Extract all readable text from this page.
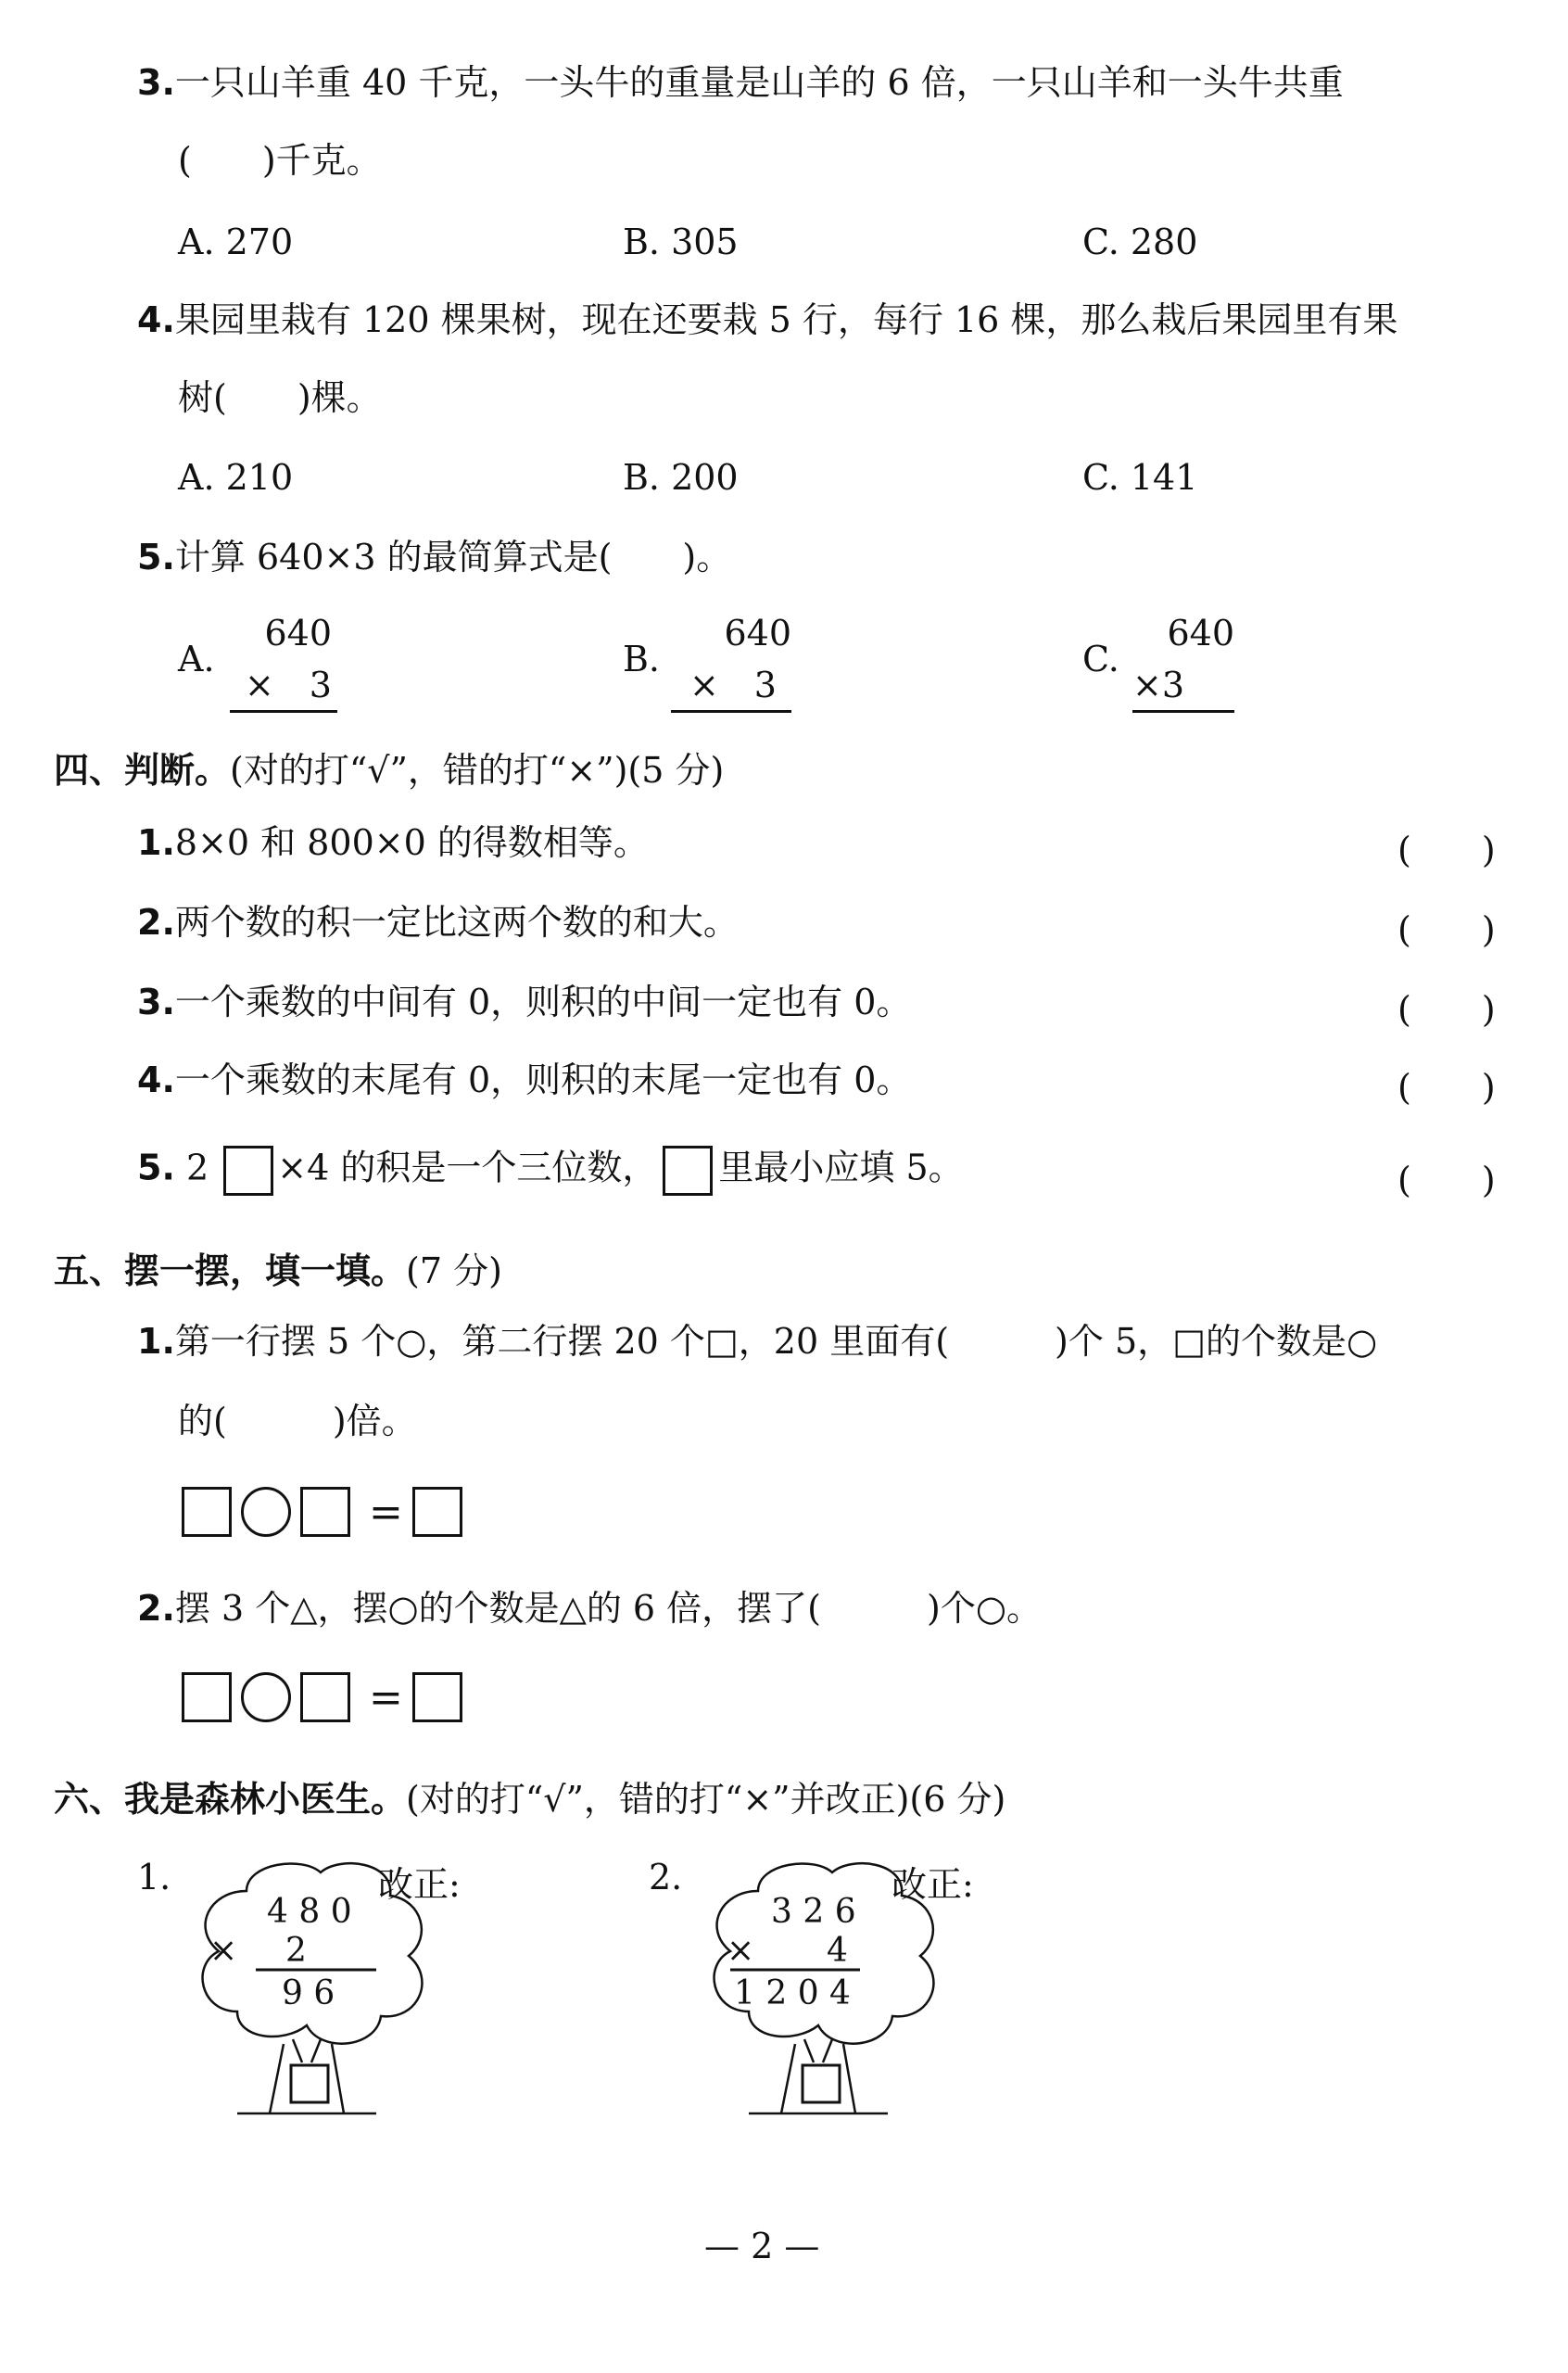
3.一只山羊重 40 千克，一头牛的重量是山羊的 6 倍，一只山羊和一头牛共重
(　　)千克。
A. 270	B. 305	C. 280
4.果园里栽有 120 棵果树，现在还要栽 5 行，每行 16 棵，那么栽后果园里有果
树(　　)棵。
A. 210	B. 200	C. 141
5.计算 640×3 的最简算式是(　　)。
A.
640
×　3
B.
640
×　3
C.
640
×3
四、判断。(对的打“√”，错的打“×”)(5 分)
1.8×0 和 800×0 的得数相等。	(　　)
2.两个数的积一定比这两个数的和大。	(　　)
3.一个乘数的中间有 0，则积的中间一定也有 0。	(　　)
4.一个乘数的末尾有 0，则积的末尾一定也有 0。	(　　)
5. 2 ×4 的积是一个三位数， 里最小应填 5。	(　　)
五、摆一摆，填一填。(7 分)
1.第一行摆 5 个○，第二行摆 20 个□，20 里面有(　　　)个 5，□的个数是○
的(　　　)倍。
=
2.摆 3 个△，摆○的个数是△的 6 倍，摆了(　　　)个○。
=
六、我是森林小医生。(对的打“√”，错的打“×”并改正)(6 分)
1.
4 8 0
× 2
9 6
改正:	2.
3 2 6
× 4
1 2 0 4
改正:
— 2 —
